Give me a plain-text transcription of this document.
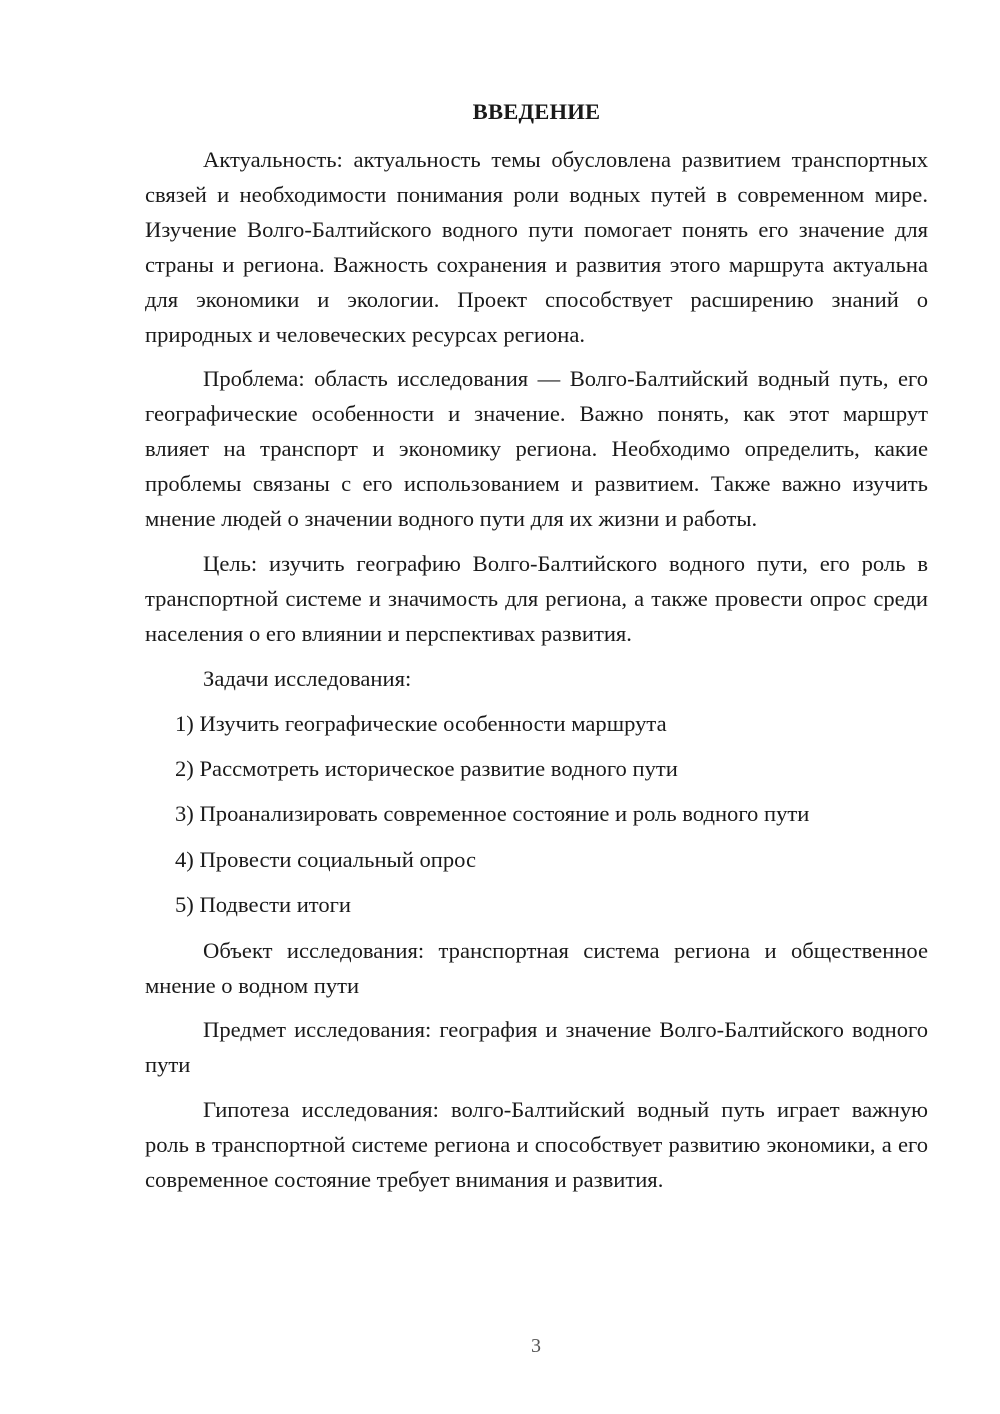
ВВЕДЕНИЕ

Актуальность: актуальность темы обусловлена развитием транспортных связей и необходимости понимания роли водных путей в современном мире. Изучение Волго-Балтийского водного пути помогает понять его значение для страны и региона. Важность сохранения и развития этого маршрута актуальна для экономики и экологии. Проект способствует расширению знаний о природных и человеческих ресурсах региона.

Проблема: область исследования — Волго-Балтийский водный путь, его географические особенности и значение. Важно понять, как этот маршрут влияет на транспорт и экономику региона. Необходимо определить, какие проблемы связаны с его использованием и развитием. Также важно изучить мнение людей о значении водного пути для их жизни и работы.

Цель: изучить географию Волго-Балтийского водного пути, его роль в транспортной системе и значимость для региона, а также провести опрос среди населения о его влиянии и перспективах развития.

Задачи исследования:

1) Изучить географические особенности маршрута
2) Рассмотреть историческое развитие водного пути
3) Проанализировать современное состояние и роль водного пути
4) Провести социальный опрос
5) Подвести итоги

Объект исследования: транспортная система региона и общественное мнение о водном пути

Предмет исследования: география и значение Волго-Балтийского водного пути

Гипотеза исследования: волго-Балтийский водный путь играет важную роль в транспортной системе региона и способствует развитию экономики, а его современное состояние требует внимания и развития.

3
